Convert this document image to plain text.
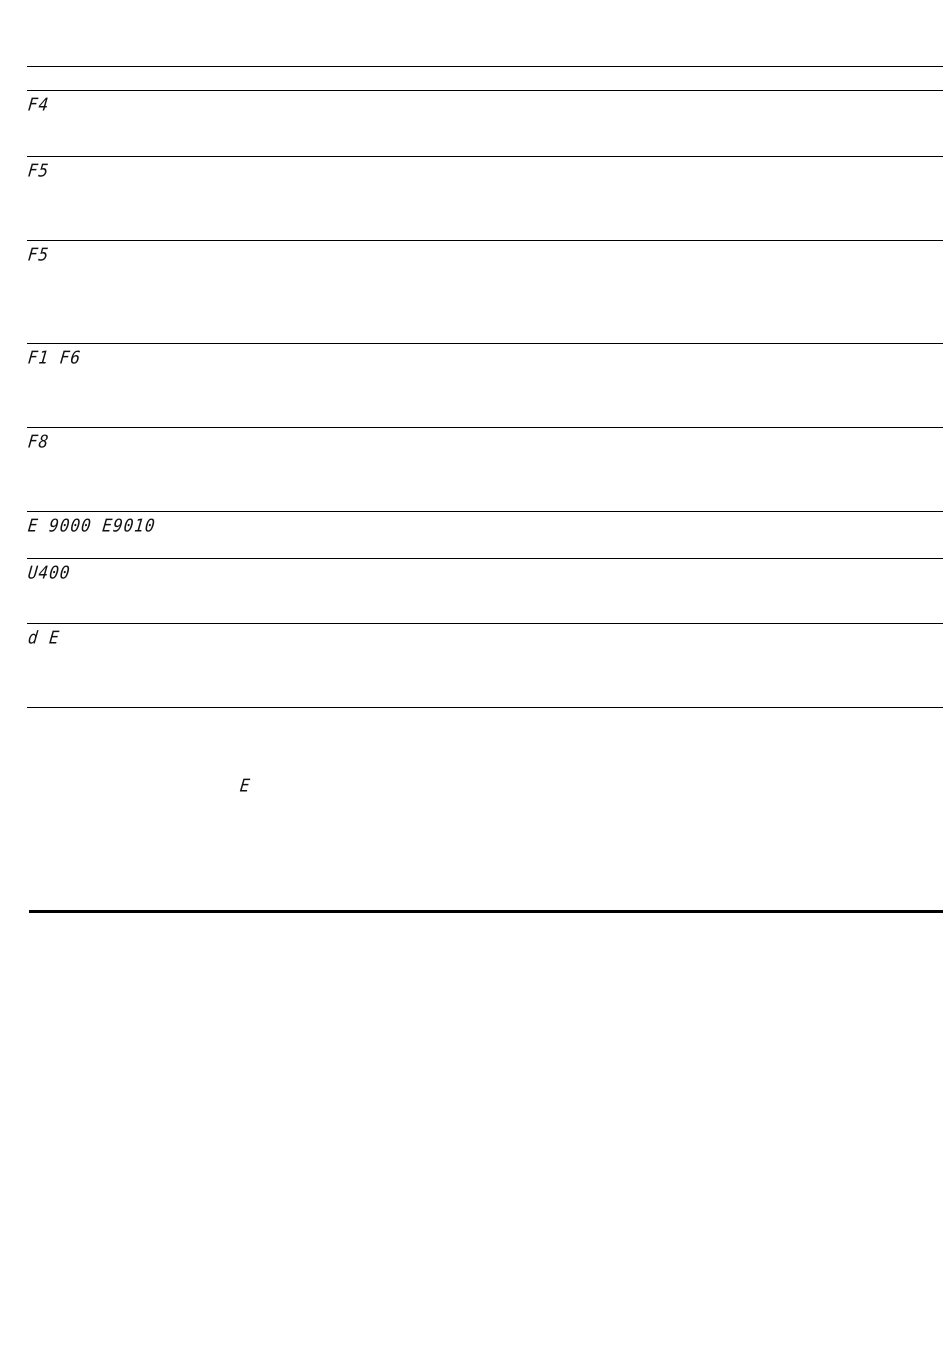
F4
F5
F5
F1 F6
F8
E 9000 E9010
U400
d E
E
